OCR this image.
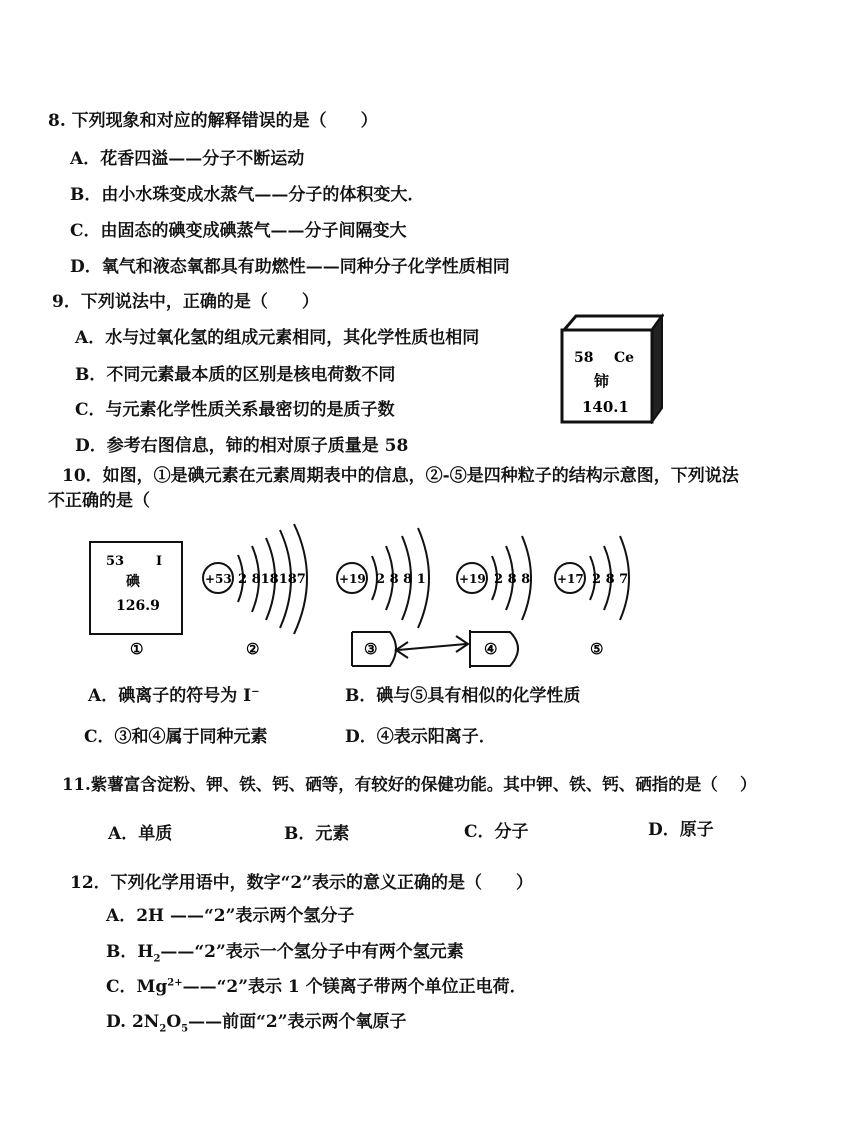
8. 下列现象和对应的解释错误的是（　　）
A．花香四溢——分子不断运动
B．由小水珠变成水蒸气——分子的体积变大．
C．由固态的碘变成碘蒸气——分子间隔变大
D．氧气和液态氧都具有助燃性——同种分子化学性质相同
9．下列说法中，正确的是（　　）
A．水与过氧化氢的组成元素相同，其化学性质也相同
B．不同元素最本质的区别是核电荷数不同
C．与元素化学性质关系最密切的是质子数
D．参考右图信息，铈的相对原子质量是 58
58 Ce
铈
140.1
10．如图，①是碘元素在元素周期表中的信息，②-⑤是四种粒子的结构示意图，下列说法
不正确的是（
53 I
碘
126.9
①
+53 2 818187
②
+19 2 8 8 1
③
+19 2 8 8
④
+17 2 8 7
⑤
A．碘离子的符号为 I−	B．碘与⑤具有相似的化学性质
C．③和④属于同种元素	D．④表示阳离子．
11.紫薯富含淀粉、钾、铁、钙、硒等，有较好的保健功能。其中钾、铁、钙、硒指的是（　 ）
A．单质	B．元素	C．分子	D．原子
12．下列化学用语中，数字“2”表示的意义正确的是（　　）
A．2H ——“2”表示两个氢分子
B．$H_2——“2$”表示一个氢分子中有两个氢元素
C．$Mg^{2+}——“2$”表示 1 个镁离子带两个单位正电荷．
D. $2N_2O_5——$前面“2”表示两个氧原子
